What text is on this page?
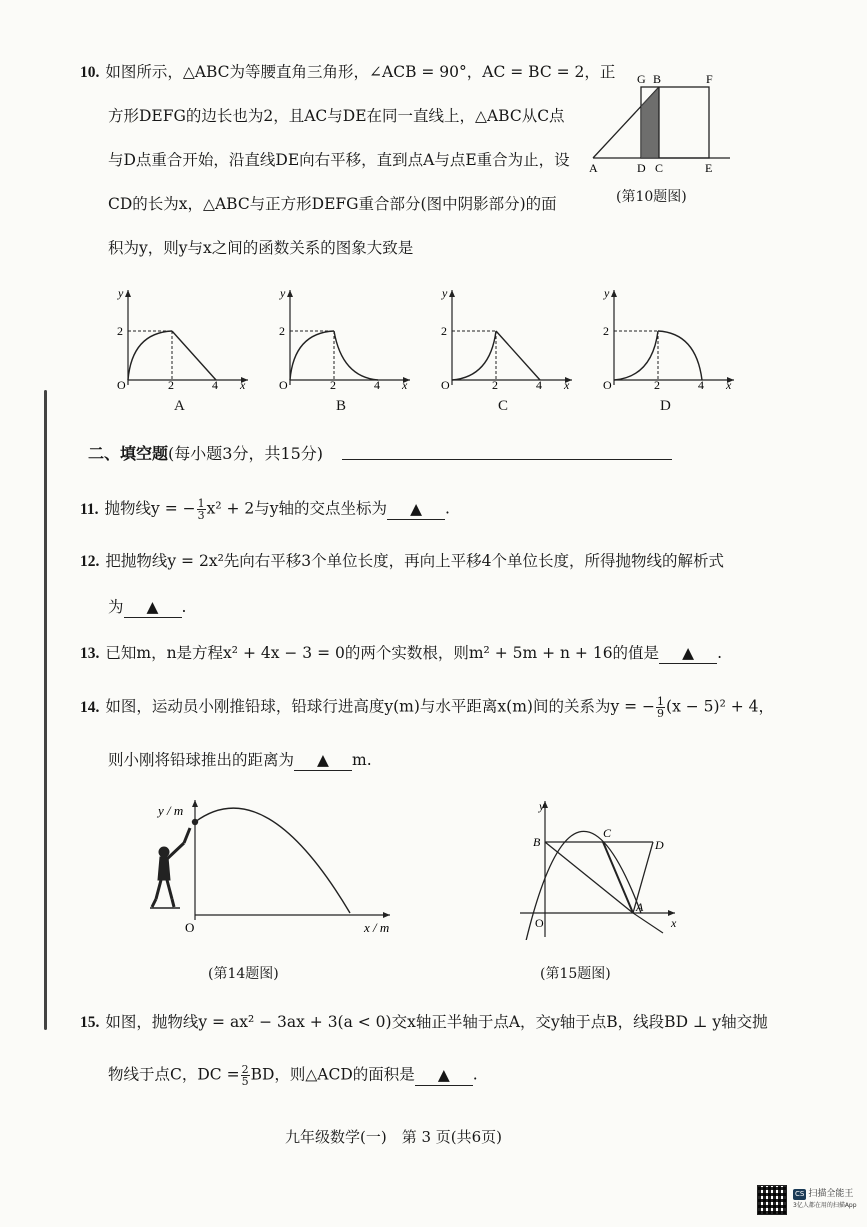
10. 如图所示，△ABC为等腰直角三角形，∠ACB = 90°，AC = BC = 2，正
方形DEFG的边长也为2，且AC与DE在同一直线上，△ABC从C点
与D点重合开始，沿直线DE向右平移，直到点A与点E重合为止，设
CD的长为x，△ABC与正方形DEFG重合部分(图中阴影部分)的面
积为y，则y与x之间的函数关系的图象大致是
G B	F
A	D C	E
(第10题图)
y
2
O	2	4 x
A
y
2
O	2	4 x
B
y
2
O	2	4 x
C
y
2
O	2	4 x
D
二、填空题(每小题3分，共15分)
11. 抛物线y = − $\frac{1}{3} x^2 + 2$与y轴的交点坐标为 ▲ .
12. 把抛物线y = 2x²先向右平移3个单位长度，再向上平移4个单位长度，所得抛物线的解析式
为 ▲ .
13. 已知m，n是方程x² + 4x − 3 = 0的两个实数根，则m² + 5m + n + 16的值是 ▲ .
14. 如图，运动员小刚推铅球，铅球行进高度y(m)与水平距离x(m)间的关系为y = − $\frac{1}{9} (x - 5)^2 + 4$，
则小刚将铅球推出的距离为 ▲ m.
y / m
O	x / m
(第14题图)
y
x
O
B
C
D
A
(第15题图)
15. 如图，抛物线y = ax² − 3ax + 3(a < 0)交x轴正半轴于点A，交y轴于点B，线段BD ⊥ y轴交抛
物线于点C，DC = $\frac{2}{5}$ BD，则△ACD的面积是 ▲ .
九年级数学(一)　第 3 页(共6页)
CS 扫描全能王
3亿人都在用的扫描App
